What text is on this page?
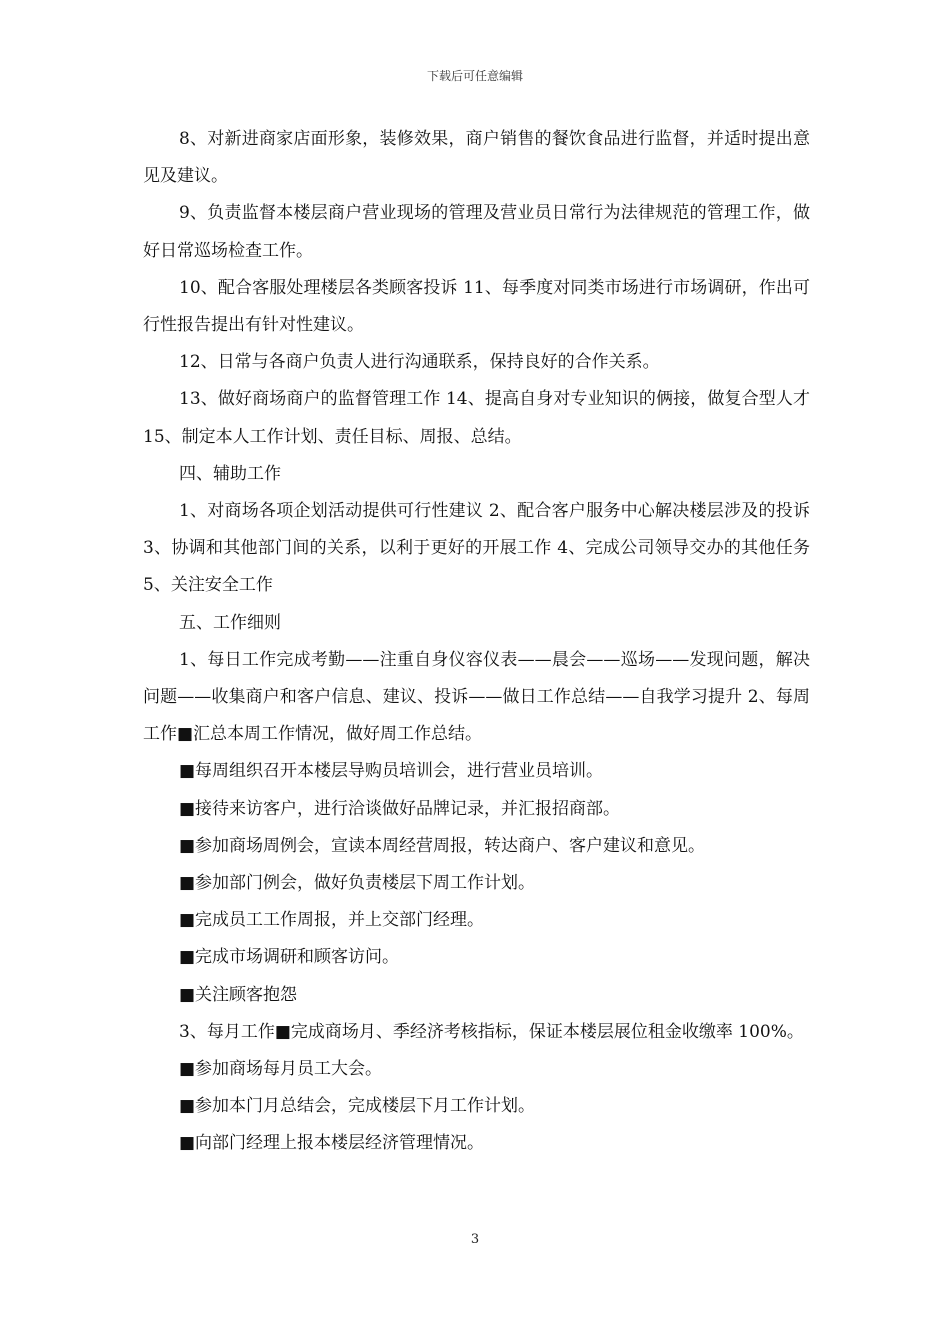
下载后可任意编辑

8、对新进商家店面形象，装修效果，商户销售的餐饮食品进行监督，并适时提出意见及建议。

9、负责监督本楼层商户营业现场的管理及营业员日常行为法律规范的管理工作，做好日常巡场检查工作。

10、配合客服处理楼层各类顾客投诉 11、每季度对同类市场进行市场调研，作出可行性报告提出有针对性建议。

12、日常与各商户负责人进行沟通联系，保持良好的合作关系。

13、做好商场商户的监督管理工作 14、提高自身对专业知识的俩接，做复合型人才 15、制定本人工作计划、责任目标、周报、总结。

四、辅助工作

1、对商场各项企划活动提供可行性建议 2、配合客户服务中心解决楼层涉及的投诉 3、协调和其他部门间的关系，以利于更好的开展工作 4、完成公司领导交办的其他任务 5、关注安全工作

五、工作细则

1、每日工作完成考勤——注重自身仪容仪表——晨会——巡场——发现问题，解决问题——收集商户和客户信息、建议、投诉——做日工作总结——自我学习提升 2、每周工作■汇总本周工作情况，做好周工作总结。

■每周组织召开本楼层导购员培训会，进行营业员培训。

■接待来访客户，进行洽谈做好品牌记录，并汇报招商部。

■参加商场周例会，宣读本周经营周报，转达商户、客户建议和意见。

■参加部门例会，做好负责楼层下周工作计划。

■完成员工工作周报，并上交部门经理。

■完成市场调研和顾客访问。

■关注顾客抱怨

3、每月工作■完成商场月、季经济考核指标，保证本楼层展位租金收缴率 100%。

■参加商场每月员工大会。

■参加本门月总结会，完成楼层下月工作计划。

■向部门经理上报本楼层经济管理情况。

3
